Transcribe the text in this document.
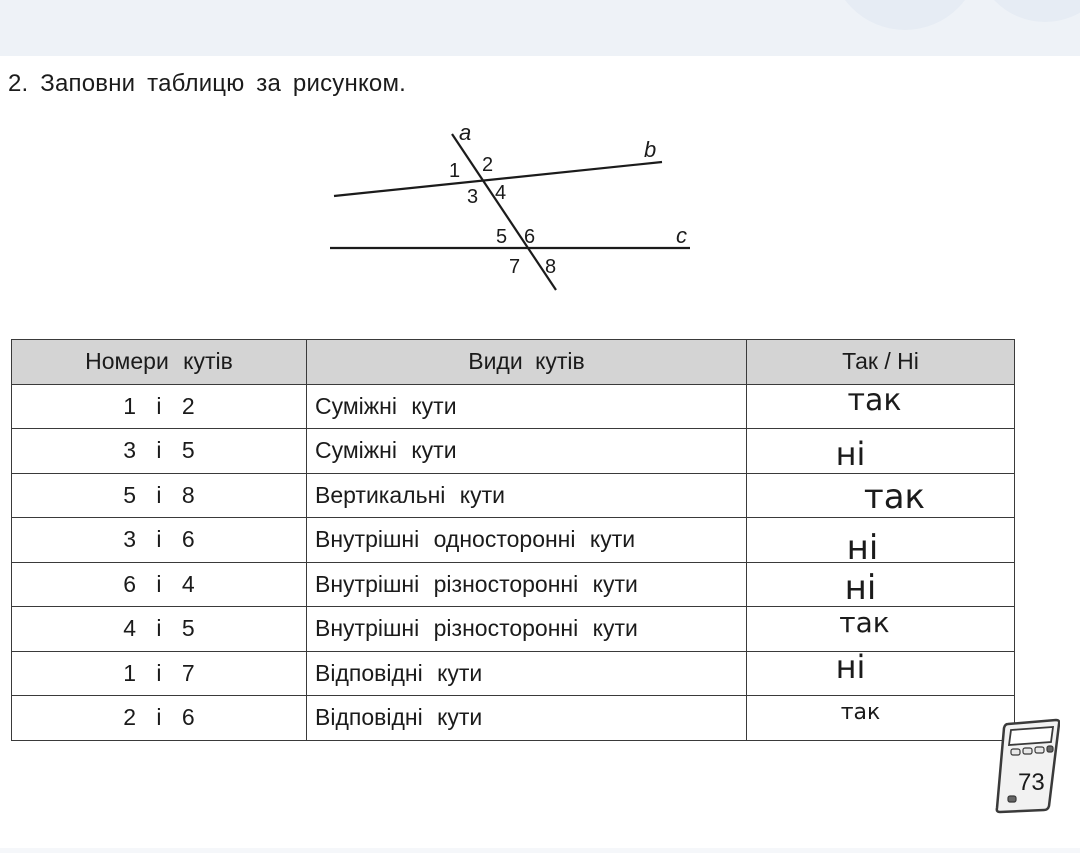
2. Заповни таблицю за рисунком.
a
b
c
1 2
3 4
5 6
7 8
Номери кутів	Види кутів	Так / Ні
1 і 2	Суміжні кути	так
3 і 5	Суміжні кути	ні
5 і 8	Вертикальні кути	так
3 і 6	Внутрішні односторонні кути	ні
6 і 4	Внутрішні різносторонні кути	ні
4 і 5	Внутрішні різносторонні кути	так
1 і 7	Відповідні кути	ні
2 і 6	Відповідні кути	так
73
